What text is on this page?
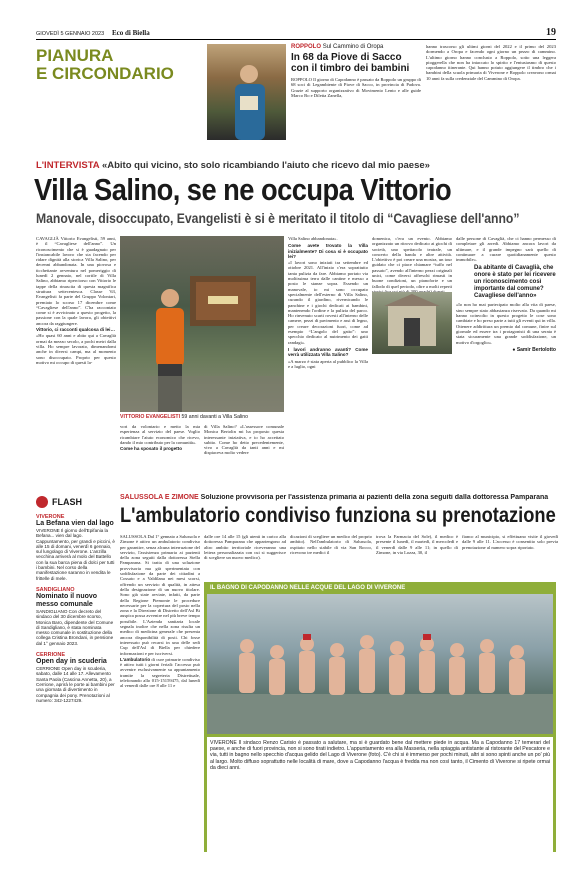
GIOVEDÌ 5 GENNAIO 2023 Eco di Biella	19
PIANURA
E CIRCONDARIO
ROPPOLO Sul Cammino di Oropa
In 68 da Piove di Sacco con il timbro dei bambini

ROPPOLO Il giorno di Capodanno è passato da Roppolo un gruppo di 68 soci di Legambiente di Piove di Sacco, in provincia di Padova. Grazie al supporto organizzativo di Movimento Lento e alle guide Marco Bo e Diletta Zanella,

hanno trascorso gli ultimi giorni del 2022 e il primo del 2023 dormendo a Oropa e facendo ogni giorno un pezzo di cammino. L'ultimo giorno hanno conclusto a Roppolo, sotto una leggera pioggerella che non ha intaccato lo spirito e l'entusiasmo di questo capodanno itinerante. Qui hanno potuto aggiungere il timbro che i bambini della scuola primaria di Viverone e Roppolo creavono ormai 10 anni fa sulla credenziale del Cammino di Oropa.

L'INTERVISTA «Abito qui vicino, sto solo ricambiando l'aiuto che ricevo dal mio paese»
Villa Salino, se ne occupa Vittorio
Manovale, disoccupato, Evangelisti è si è meritato il titolo di “Cavagliese dell'anno”

CAVAGLIÀ Vittorio Evangelisti, 59 anni, è il “Cavagliese dell'anno”. Un riconoscimento che si è guadagnato per l'instancabile lavoro che sta facendo per ridare dignità alla storica Villa Salino, per decenni abbandonata. In una piovosa e ticchettante avventura nel pomeriggio di lunedì 2 gennaio, nel cortile di Villa Salino, abbiamo riperciorso con Vittorio le tappe della rinascita di questa magnifica struttura settecentesca. Classe '63, Evangelisti fa parte del Gruppo Volontari, premiato lo scorso 17 dicembre come “Cavagliese dell'anno”. C'ha raccontato come si è avvicinato a questo progetto, la passione con la quale lavora, gli obiettivi ancora da raggiungere.

Vittorio, ci racconti qualcosa di lei…

«Ho quasi 60 anni e abito qui a Cavaglià ormai da mezzo secolo, a pochi metri dalla villa. Ho sempre lavorato, dimenandomi anche in diversi campi, ma al momento sono disoccupato. Proprio per questo motivo mi occupo di questi la-

VITTORIO EVANGELISTI 59 anni davanti a Villa Salino

vori da volontario e metto la mia esperienza al servizio del paese. Voglio ricambiare l'aiuto economico che ricevo, dando il mio contributo per la comunità».

Come ha sposato il progetto

di Villa Salino? «L'assessore comunale Monica Bertolin mi ha proposto questa interessante iniziativa, e io ho accettato subito. Come ho detto precedentemente, vivo a Cavaglià da tanti anni e mi dispiaceva molto vedere

Villa Salino abbandonata».

Come avete trovato la Villa inizialmente? Di cosa si è occupato lei?

«I lavori sono iniziati tra settembre ed ottobre 2021. All'inizio c'era soprattutto tanta pulizia da fare. Abbiamo portato via moltissima terra dalle cantine e messo a posto le stanze sopra. Essendo un manovale, io mi sono occupato specialmente dell'esterno di Villa Salino, curando il giardino, rivernicando le panchine e i giochi dedicati ai bambini, mantenendo l'ordine e la pulizia del parco. Ho rinvenuto scarti rovesti all'interno delle camere, pezzi di pavimento e assi di legno, per creare decorazioni fuori, come ad esempio “L'angolo del gatto”: uno specchio dedicato al nutrimento dei gatti randagi».

I lavori andranno avanti? Come verrà utilizzata Villa Salino?

«A marzo è stata aperta al pubblico la Villa e a luglio, ogni

domenica, c'era un evento. Abbiamo organizzato un ritrovo dedicato ai giochi di società, uno spettacolo teatrale, un concerto della banda e altre attività. L'obiettivo è poi creare una mostra, un tour guidato che ci piace chiamare “tuffo nel passato”, avendo all'interno pezzi originali unici, come diversi affreschi rimasti in buone condizioni, un pianoforte e un fallodo di quel periodo, oltre a molti reperti

dalle persone di Cavaglià, che ci hanno permesso di completare gli arredi. Abbiamo ancora lavori da ultimare, e il grande impegno sarà quello di continuare a curare quotidianamente questo immobile».

Da abitante di Cavaglià, che onore è stato per lei ricevere un riconoscimento così importante dal comune? Cavagliese dell'anno»

«Io non ho mai partecipato molto alla vita di paese, sino sempre stato abbastanza riservato. Da quando mi hanno coinvolto in questo progetto le cose sono cambiate e ho preso parte a tutti gli eventi qui in villa. Ottenere addirittura un premio dal comune, finire sul giornale ed essere tra i protagonisti di una serata è stata sicuramente una grande soddisfazione, un motivo d'orgoglio».

● Samir Bertolotto
FLASH
VIVERONE
La Befana vien dal lago

VIVERONE Il giorno dell'Epifania la Befana... vien dal lago. Cappuntamento, per grandi e piccini, è alle 15 di domani, venerdì 6 gennaio, sul lungolago di Viverone. L'anzilla vecchina arriverà al molo del Battello con la sua barca piena di dolci per tutti i bambini. Nel corso della manifestazione saranno in vendita le frittelle di mele.

SANDIGLIANO
Nominato il nuovo messo comunale

SANDIGLIANO Con decreto del sindaco del 30 dicembre scorso, Monica Baro, dipendente del Comune di Sandigliano, è stata nominata messo comunale in sostituzione della collega Cristina Brondani, in pensione dal 1° gennaio 2023.

CERRIONE
Open day in scuderia

CERRIONE Open day in scuderia, sabato, dalle 14 alle 17. Allevamento Santa Paola (Cascina Annetta, 20), a Cerrione, aprirà le porte ai bambini per una giornata di divertimento in compagnia dei pony. Prenotazioni al numero: 342-1227429.

SALUSSOLA E ZIMONE Soluzione provvisoria per l'assistenza primaria ai pazienti della zona seguiti dalla dottoressa Pamparana
L'ambulatorio condiviso funziona su prenotazione

SALUSSOLA Dal 1° gennaio a Salussola e Zimone è attivo un ambulatorio condiviso per garantire, senza alcuna interruzione del servizio, l'assistenza primaria ai pazienti della zona seguiti dalla dottoressa Stella Pamparana. Si tratta di una soluzione provvisoria ma già sperimentata con soddisfazione da parte dei cittadini a Cossato e a Valdilana nei mesi scorsi, offrendo un servizio di qualità, in attesa della designazione di un nuovo titolare. Sono già state avviate, infatti, da parte della Regione Piemonte le procedure necessarie per la copertura del posto nella zona e la Direzione di Distretto dell'Asl Bi auspica possa avvenire nel più breve tempo possibile. L'Azienda sanitaria locale segnala inoltre che nella zona risulta un medico di medicina generale che presenta ancora disponibilità di posti. Chi fosse interessato può recarsi in una delle sedi Cup dell'Asl di Biella per chiedere informazioni e per iscriversi.

L'ambulatorio di cure primarie condiviso è attivo tutti i giorni feriali: l'accesso può avvenire esclusivamente su appuntamento tramite la segreteria Distrettuale, telefonando allo 015-15159475, dal lunedì al venerdì dalle ore 8 alle 11 e

dalle ore 14 alle 15 (gli utenti in carico alla dottoressa Pamparana che appartengono ad altro ambito territoriale riceveranno una lettera personalizzata con cui si suggerisce di scegliere un nuovo medico).

dicazioni di scegliere un medico del proprio ambito). Nell'ambulatorio di Salussola, ospitato nello stabile di via San Rocco, ricevono tre medici il

trova la Farmacia del Sole), il medico è presente il lunedì, il martedì, il mercoledì e il venerdì dalle 9 alle 11; in quello di Zimone, in via Lozza, 30, il

fianco al municipio, si effettuano visite il giovedì dalle 9 alle 11. L'accesso è consentito solo previa prenotazione al numero sopra riportato.

IL BAGNO DI CAPODANNO NELLE ACQUE DEL LAGO DI VIVERONE

VIVERONE Il sindaco Renzo Carisio è passato a salutare, ma si è guardato bene dal mettere piede in acqua. Ma a Capodanno 17 temerari del paese, e anche di fuori provincia, non si sono tirati indietro. L'appuntamento era alla Masseria, nella spiaggia antistante al ristorante del Pescatore e via, tutti in bagno nello specchio d'acqua gelido del Lago di Viverone (foto). C'è chi si è immerso per pochi minuti, altri si sono spinti anche un po' più al largo. Molto diffuso soprattutto nelle località di mare, dove a Capodanno l'acqua è fredda ma non così tanto, il Cimento di Viverone si ripete ormai da dieci anni.
